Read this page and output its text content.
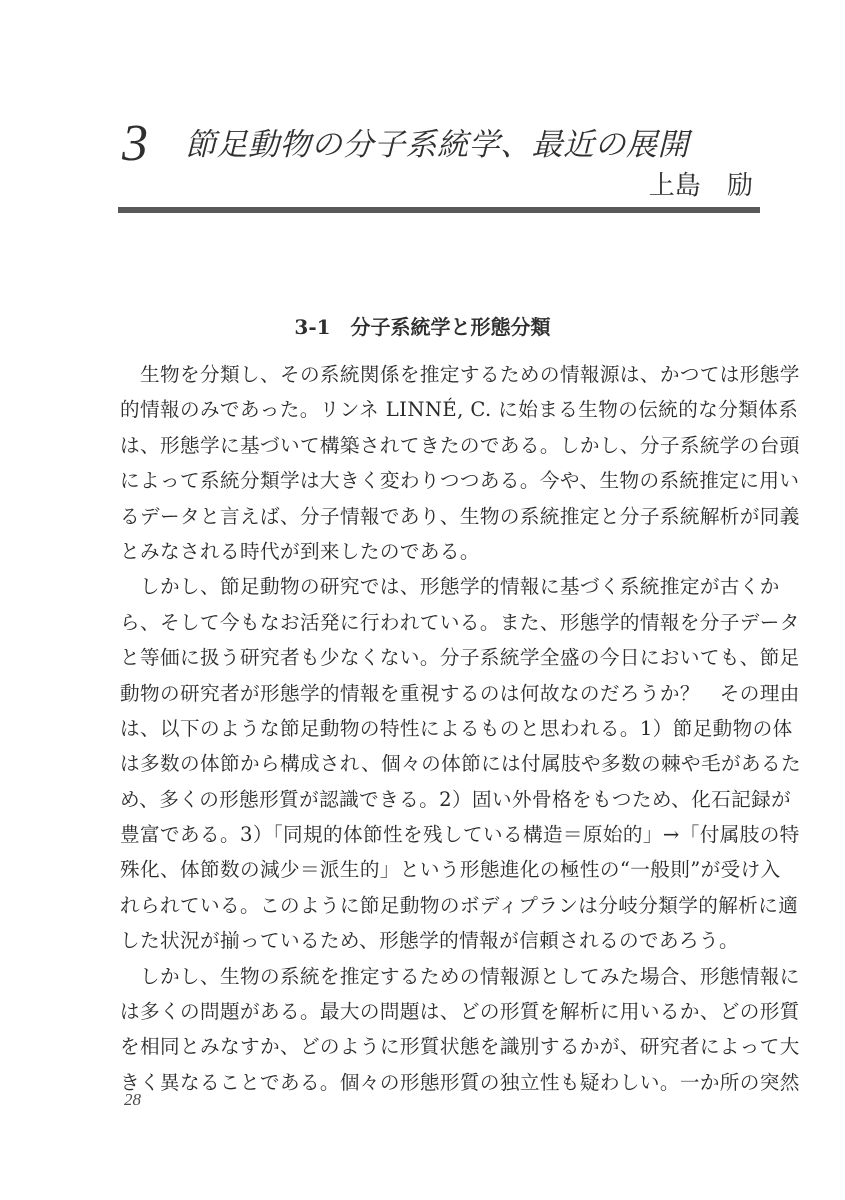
3 節足動物の分子系統学、最近の展開
上島 励
3-1　分子系統学と形態分類
　生物を分類し、その系統関係を推定するための情報源は、かつては形態学
的情報のみであった。リンネ LINNÉ, C. に始まる生物の伝統的な分類体系
は、形態学に基づいて構築されてきたのである。しかし、分子系統学の台頭
によって系統分類学は大きく変わりつつある。今や、生物の系統推定に用い
るデータと言えば、分子情報であり、生物の系統推定と分子系統解析が同義
とみなされる時代が到来したのである。
　しかし、節足動物の研究では、形態学的情報に基づく系統推定が古くか
ら、そして今もなお活発に行われている。また、形態学的情報を分子データ
と等価に扱う研究者も少なくない。分子系統学全盛の今日においても、節足
動物の研究者が形態学的情報を重視するのは何故なのだろうか？　その理由
は、以下のような節足動物の特性によるものと思われる。1）節足動物の体
は多数の体節から構成され、個々の体節には付属肢や多数の棘や毛があるた
め、多くの形態形質が認識できる。2）固い外骨格をもつため、化石記録が
豊富である。3）「同規的体節性を残している構造＝原始的」→「付属肢の特
殊化、体節数の減少＝派生的」という形態進化の極性の“一般則”が受け入
れられている。このように節足動物のボディプランは分岐分類学的解析に適
した状況が揃っているため、形態学的情報が信頼されるのであろう。
　しかし、生物の系統を推定するための情報源としてみた場合、形態情報に
は多くの問題がある。最大の問題は、どの形質を解析に用いるか、どの形質
を相同とみなすか、どのように形質状態を識別するかが、研究者によって大
きく異なることである。個々の形態形質の独立性も疑わしい。一か所の突然
28
